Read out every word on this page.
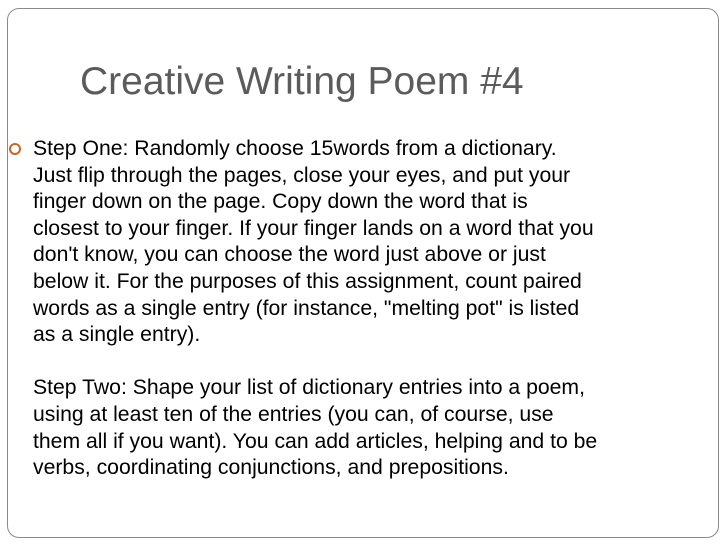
Creative Writing Poem #4
Step One: Randomly choose 15words from a dictionary.
Just flip through the pages, close your eyes, and put your
finger down on the page. Copy down the word that is
closest to your finger. If your finger lands on a word that you
don't know, you can choose the word just above or just
below it. For the purposes of this assignment, count paired
words as a single entry (for instance, "melting pot" is listed
as a single entry).
Step Two: Shape your list of dictionary entries into a poem,
using at least ten of the entries (you can, of course, use
them all if you want). You can add articles, helping and to be
verbs, coordinating conjunctions, and prepositions.
